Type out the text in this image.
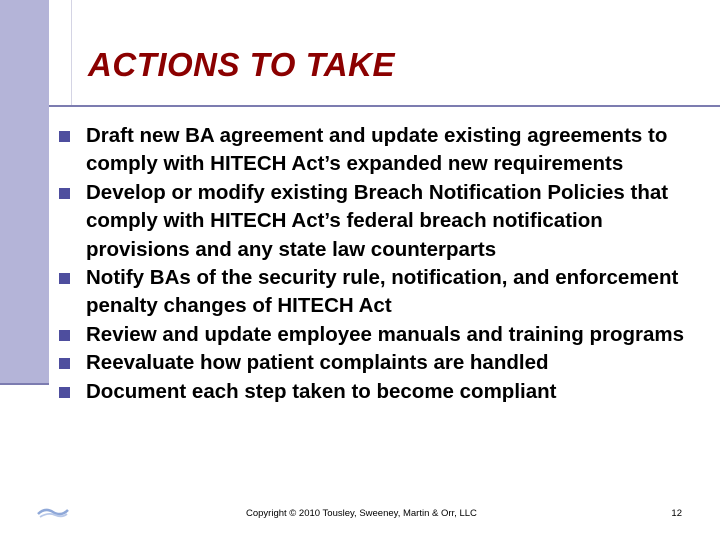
ACTIONS TO TAKE
Draft new BA agreement and update existing agreements to comply with HITECH Act’s expanded new requirements
Develop or modify existing Breach Notification Policies that comply with HITECH Act’s federal breach notification provisions and any state law counterparts
Notify BAs of the security rule, notification, and enforcement penalty changes of HITECH Act
Review and update employee manuals and training programs
Reevaluate how patient complaints are handled
Document each step taken to become compliant
Copyright © 2010 Tousley, Sweeney, Martin & Orr, LLC	12
